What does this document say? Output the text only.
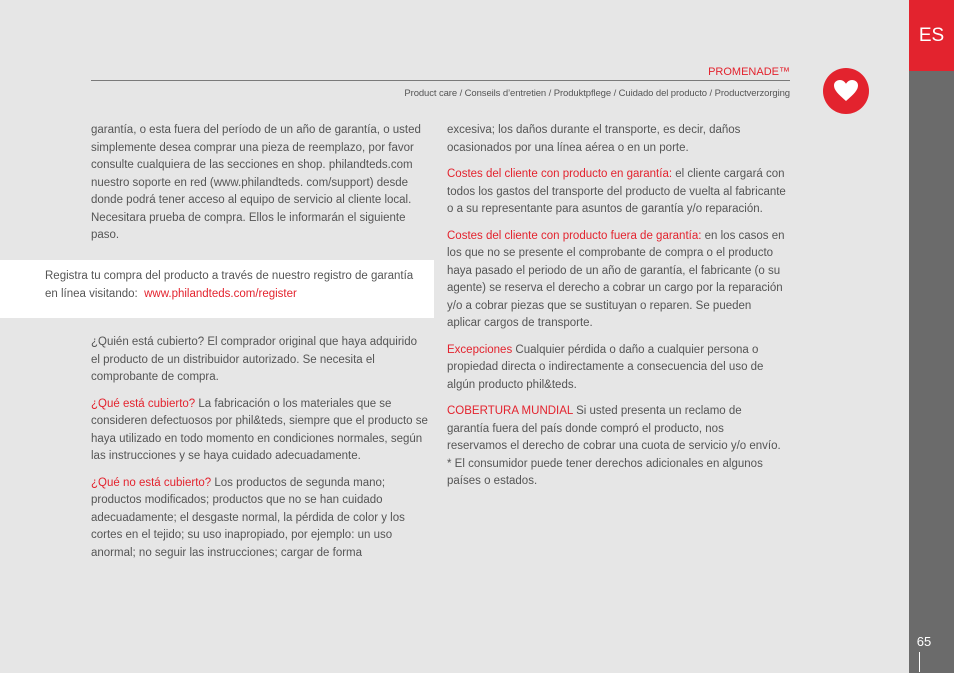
ES
65
PROMENADE™
Product care / Conseils d’entretien / Produktpflege / Cuidado del producto / Productverzorging

garantía, o esta fuera del período de un año de garantía, o usted simplemente desea comprar una pieza de reemplazo, por favor consulte cualquiera de las secciones en shop. philandteds.com nuestro soporte en red (www.philandteds. com/support) desde donde podrá tener acceso al equipo de servicio al cliente local. Necesitara prueba de compra. Ellos le informarán el siguiente paso.

Registra tu compra del producto a través de nuestro registro de garantía en línea visitando: www.philandteds.com/register

¿Quién está cubierto? El comprador original que haya adquirido el producto de un distribuidor autorizado. Se necesita el comprobante de compra.

¿Qué está cubierto? La fabricación o los materiales que se consideren defectuosos por phil&teds, siempre que el producto se haya utilizado en todo momento en condiciones normales, según las instrucciones y se haya cuidado adecuadamente.

¿Qué no está cubierto? Los productos de segunda mano; productos modificados; productos que no se han cuidado adecuadamente; el desgaste normal, la pérdida de color y los cortes en el tejido; su uso inapropiado, por ejemplo: un uso anormal; no seguir las instrucciones; cargar de forma

excesiva; los daños durante el transporte, es decir, daños ocasionados por una línea aérea o en un porte.

Costes del cliente con producto en garantía: el cliente cargará con todos los gastos del transporte del producto de vuelta al fabricante o a su representante para asuntos de garantía y/o reparación.

Costes del cliente con producto fuera de garantía: en los casos en los que no se presente el comprobante de compra o el producto haya pasado el periodo de un año de garantía, el fabricante (o su agente) se reserva el derecho a cobrar un cargo por la reparación y/o a cobrar piezas que se sustituyan o reparen. Se pueden aplicar cargos de transporte.

Excepciones Cualquier pérdida o daño a cualquier persona o propiedad directa o indirectamente a consecuencia del uso de algún producto phil&teds.

COBERTURA MUNDIAL Si usted presenta un reclamo de garantía fuera del país donde compró el producto, nos reservamos el derecho de cobrar una cuota de servicio y/o envío. * El consumidor puede tener derechos adicionales en algunos países o estados.
